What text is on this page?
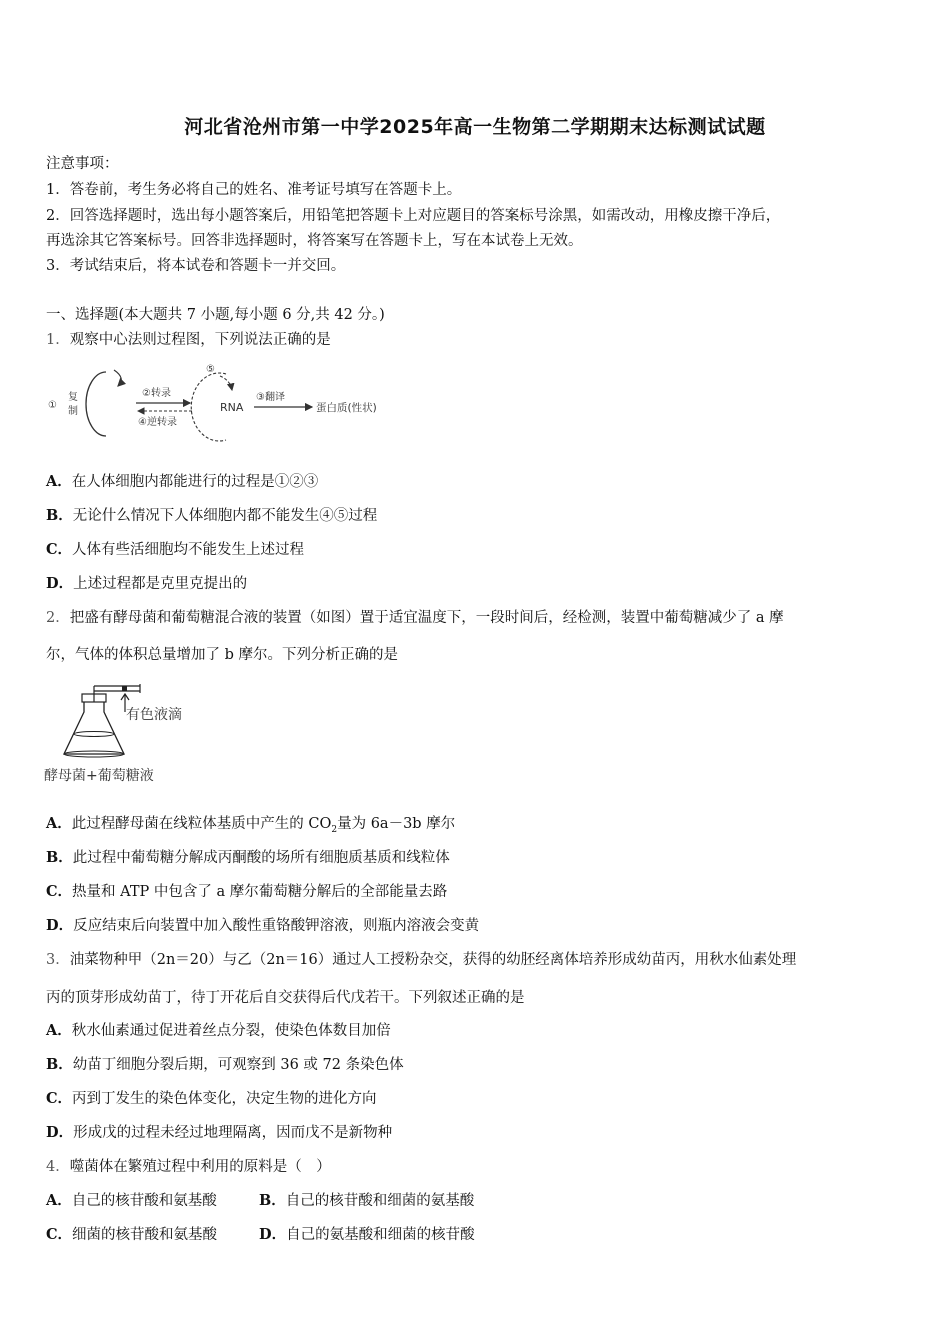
河北省沧州市第一中学2025年高一生物第二学期期末达标测试试题
注意事项：
1．答卷前，考生务必将自己的姓名、准考证号填写在答题卡上。
2．回答选择题时，选出每小题答案后，用铅笔把答题卡上对应题目的答案标号涂黑，如需改动，用橡皮擦干净后，
再选涂其它答案标号。回答非选择题时，将答案写在答题卡上，写在本试卷上无效。
3．考试结束后，将本试卷和答题卡一并交回。
一、选择题(本大题共 7 小题,每小题 6 分,共 42 分。)
1．观察中心法则过程图，下列说法正确的是
①
复
制
②转录
④逆转录
⑤
RNA
③翻译
蛋白质(性状)
A．在人体细胞内都能进行的过程是①②③
B．无论什么情况下人体细胞内都不能发生④⑤过程
C．人体有些活细胞均不能发生上述过程
D．上述过程都是克里克提出的
2．把盛有酵母菌和葡萄糖混合液的装置（如图）置于适宜温度下，一段时间后，经检测，装置中葡萄糖减少了 a 摩
尔，气体的体积总量增加了 b 摩尔。下列分析正确的是
有色液滴
酵母菌+葡萄糖液
A．此过程酵母菌在线粒体基质中产生的 $CO_2$量为 6a－3b 摩尔
B．此过程中葡萄糖分解成丙酮酸的场所有细胞质基质和线粒体
C．热量和 ATP 中包含了 a 摩尔葡萄糖分解后的全部能量去路
D．反应结束后向装置中加入酸性重铬酸钾溶液，则瓶内溶液会变黄
3．油菜物种甲（2n＝20）与乙（2n＝16）通过人工授粉杂交，获得的幼胚经离体培养形成幼苗丙，用秋水仙素处理
丙的顶芽形成幼苗丁，待丁开花后自交获得后代戊若干。下列叙述正确的是
A．秋水仙素通过促进着丝点分裂，使染色体数目加倍
B．幼苗丁细胞分裂后期，可观察到 36 或 72 条染色体
C．丙到丁发生的染色体变化，决定生物的进化方向
D．形成戊的过程未经过地理隔离，因而戊不是新物种
4．噬菌体在繁殖过程中利用的原料是（　）
A．自己的核苷酸和氨基酸	B．自己的核苷酸和细菌的氨基酸
C．细菌的核苷酸和氨基酸	D．自己的氨基酸和细菌的核苷酸
